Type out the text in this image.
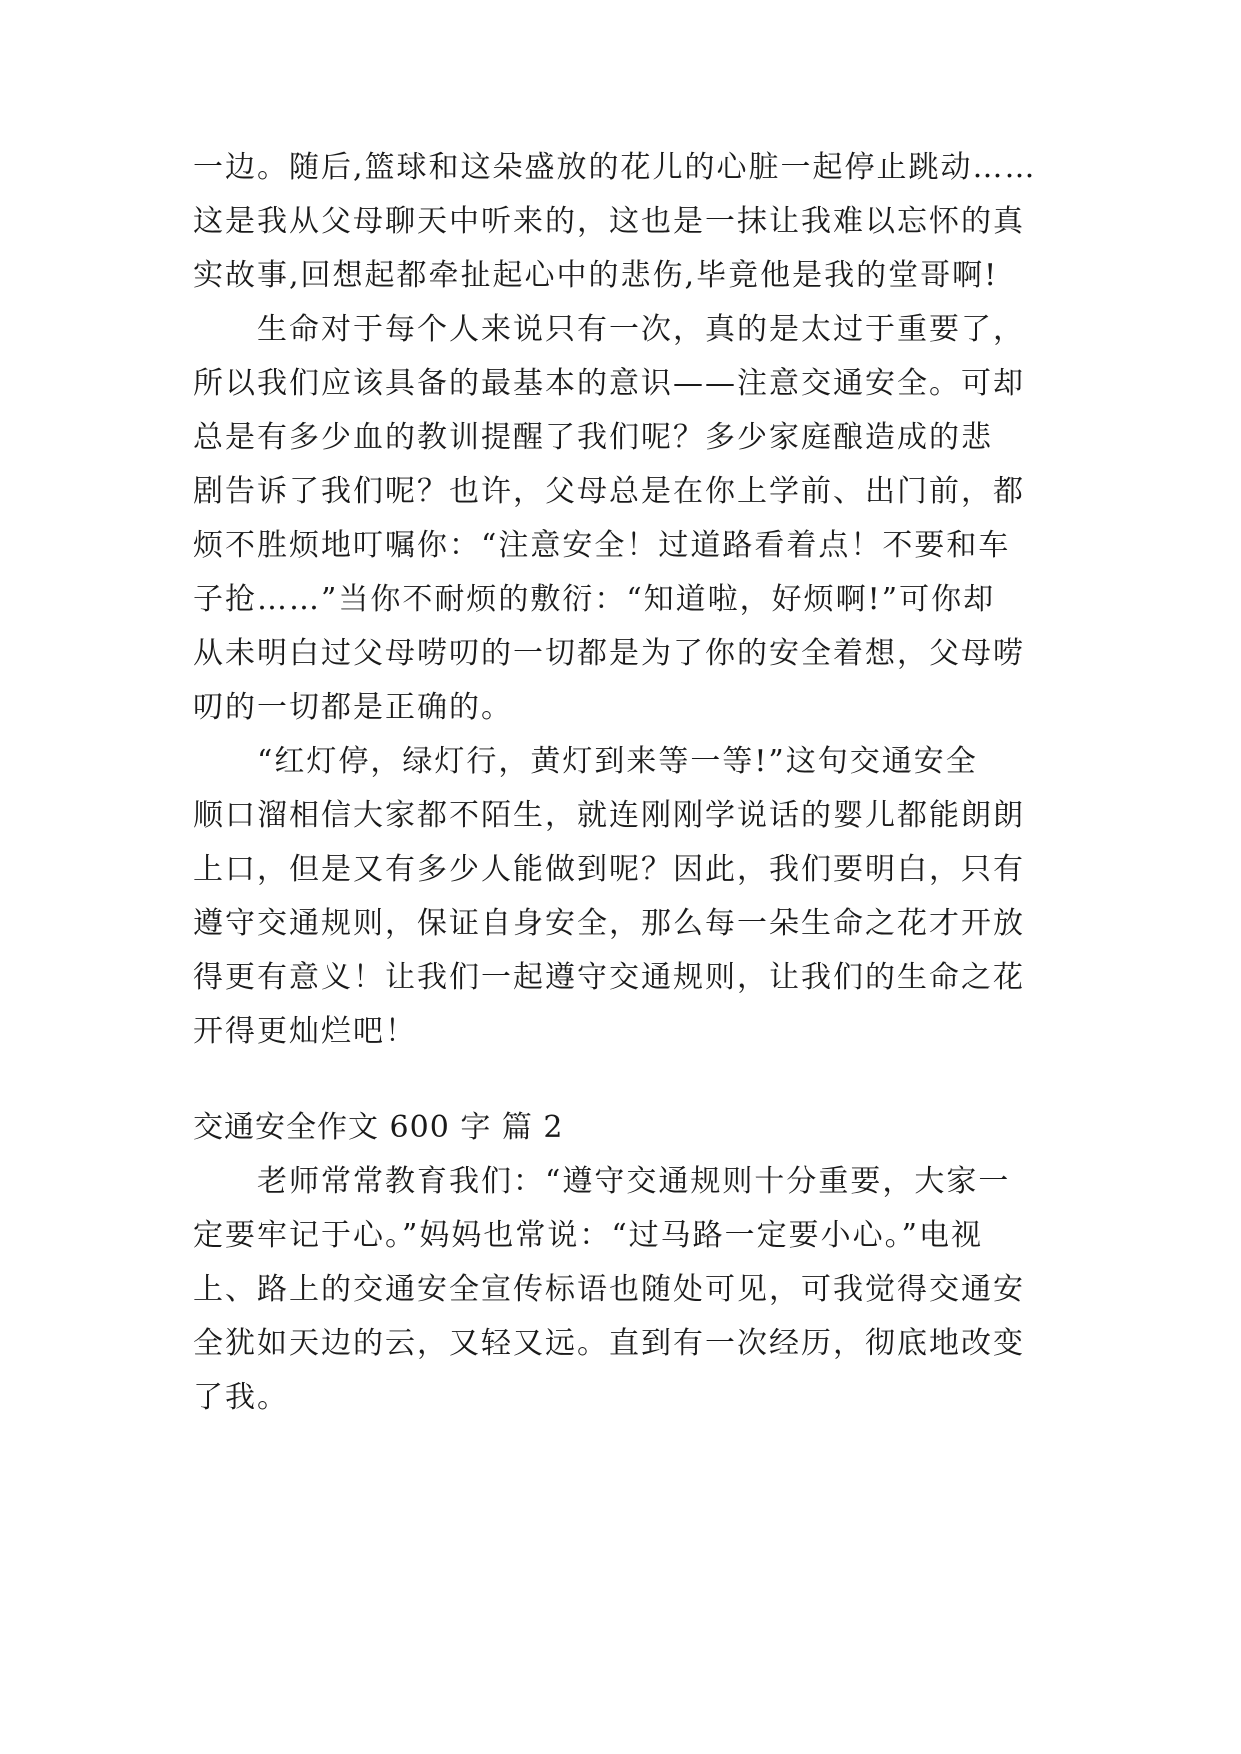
一边。随后,篮球和这朵盛放的花儿的心脏一起停止跳动……
这是我从父母聊天中听来的，这也是一抹让我难以忘怀的真
实故事,回想起都牵扯起心中的悲伤,毕竟他是我的堂哥啊!
　　生命对于每个人来说只有一次，真的是太过于重要了，
所以我们应该具备的最基本的意识——注意交通安全。可却
总是有多少血的教训提醒了我们呢？多少家庭酿造成的悲
剧告诉了我们呢？也许，父母总是在你上学前、出门前，都
烦不胜烦地叮嘱你：“注意安全！过道路看着点！不要和车
子抢……”当你不耐烦的敷衍：“知道啦，好烦啊!”可你却
从未明白过父母唠叨的一切都是为了你的安全着想，父母唠
叨的一切都是正确的。
　　“红灯停，绿灯行，黄灯到来等一等!”这句交通安全
顺口溜相信大家都不陌生，就连刚刚学说话的婴儿都能朗朗
上口，但是又有多少人能做到呢？因此，我们要明白，只有
遵守交通规则，保证自身安全，那么每一朵生命之花才开放
得更有意义！让我们一起遵守交通规则，让我们的生命之花
开得更灿烂吧！
交通安全作文 600 字 篇 2
　　老师常常教育我们：“遵守交通规则十分重要，大家一
定要牢记于心。”妈妈也常说：“过马路一定要小心。”电视
上、路上的交通安全宣传标语也随处可见，可我觉得交通安
全犹如天边的云，又轻又远。直到有一次经历，彻底地改变
了我。
